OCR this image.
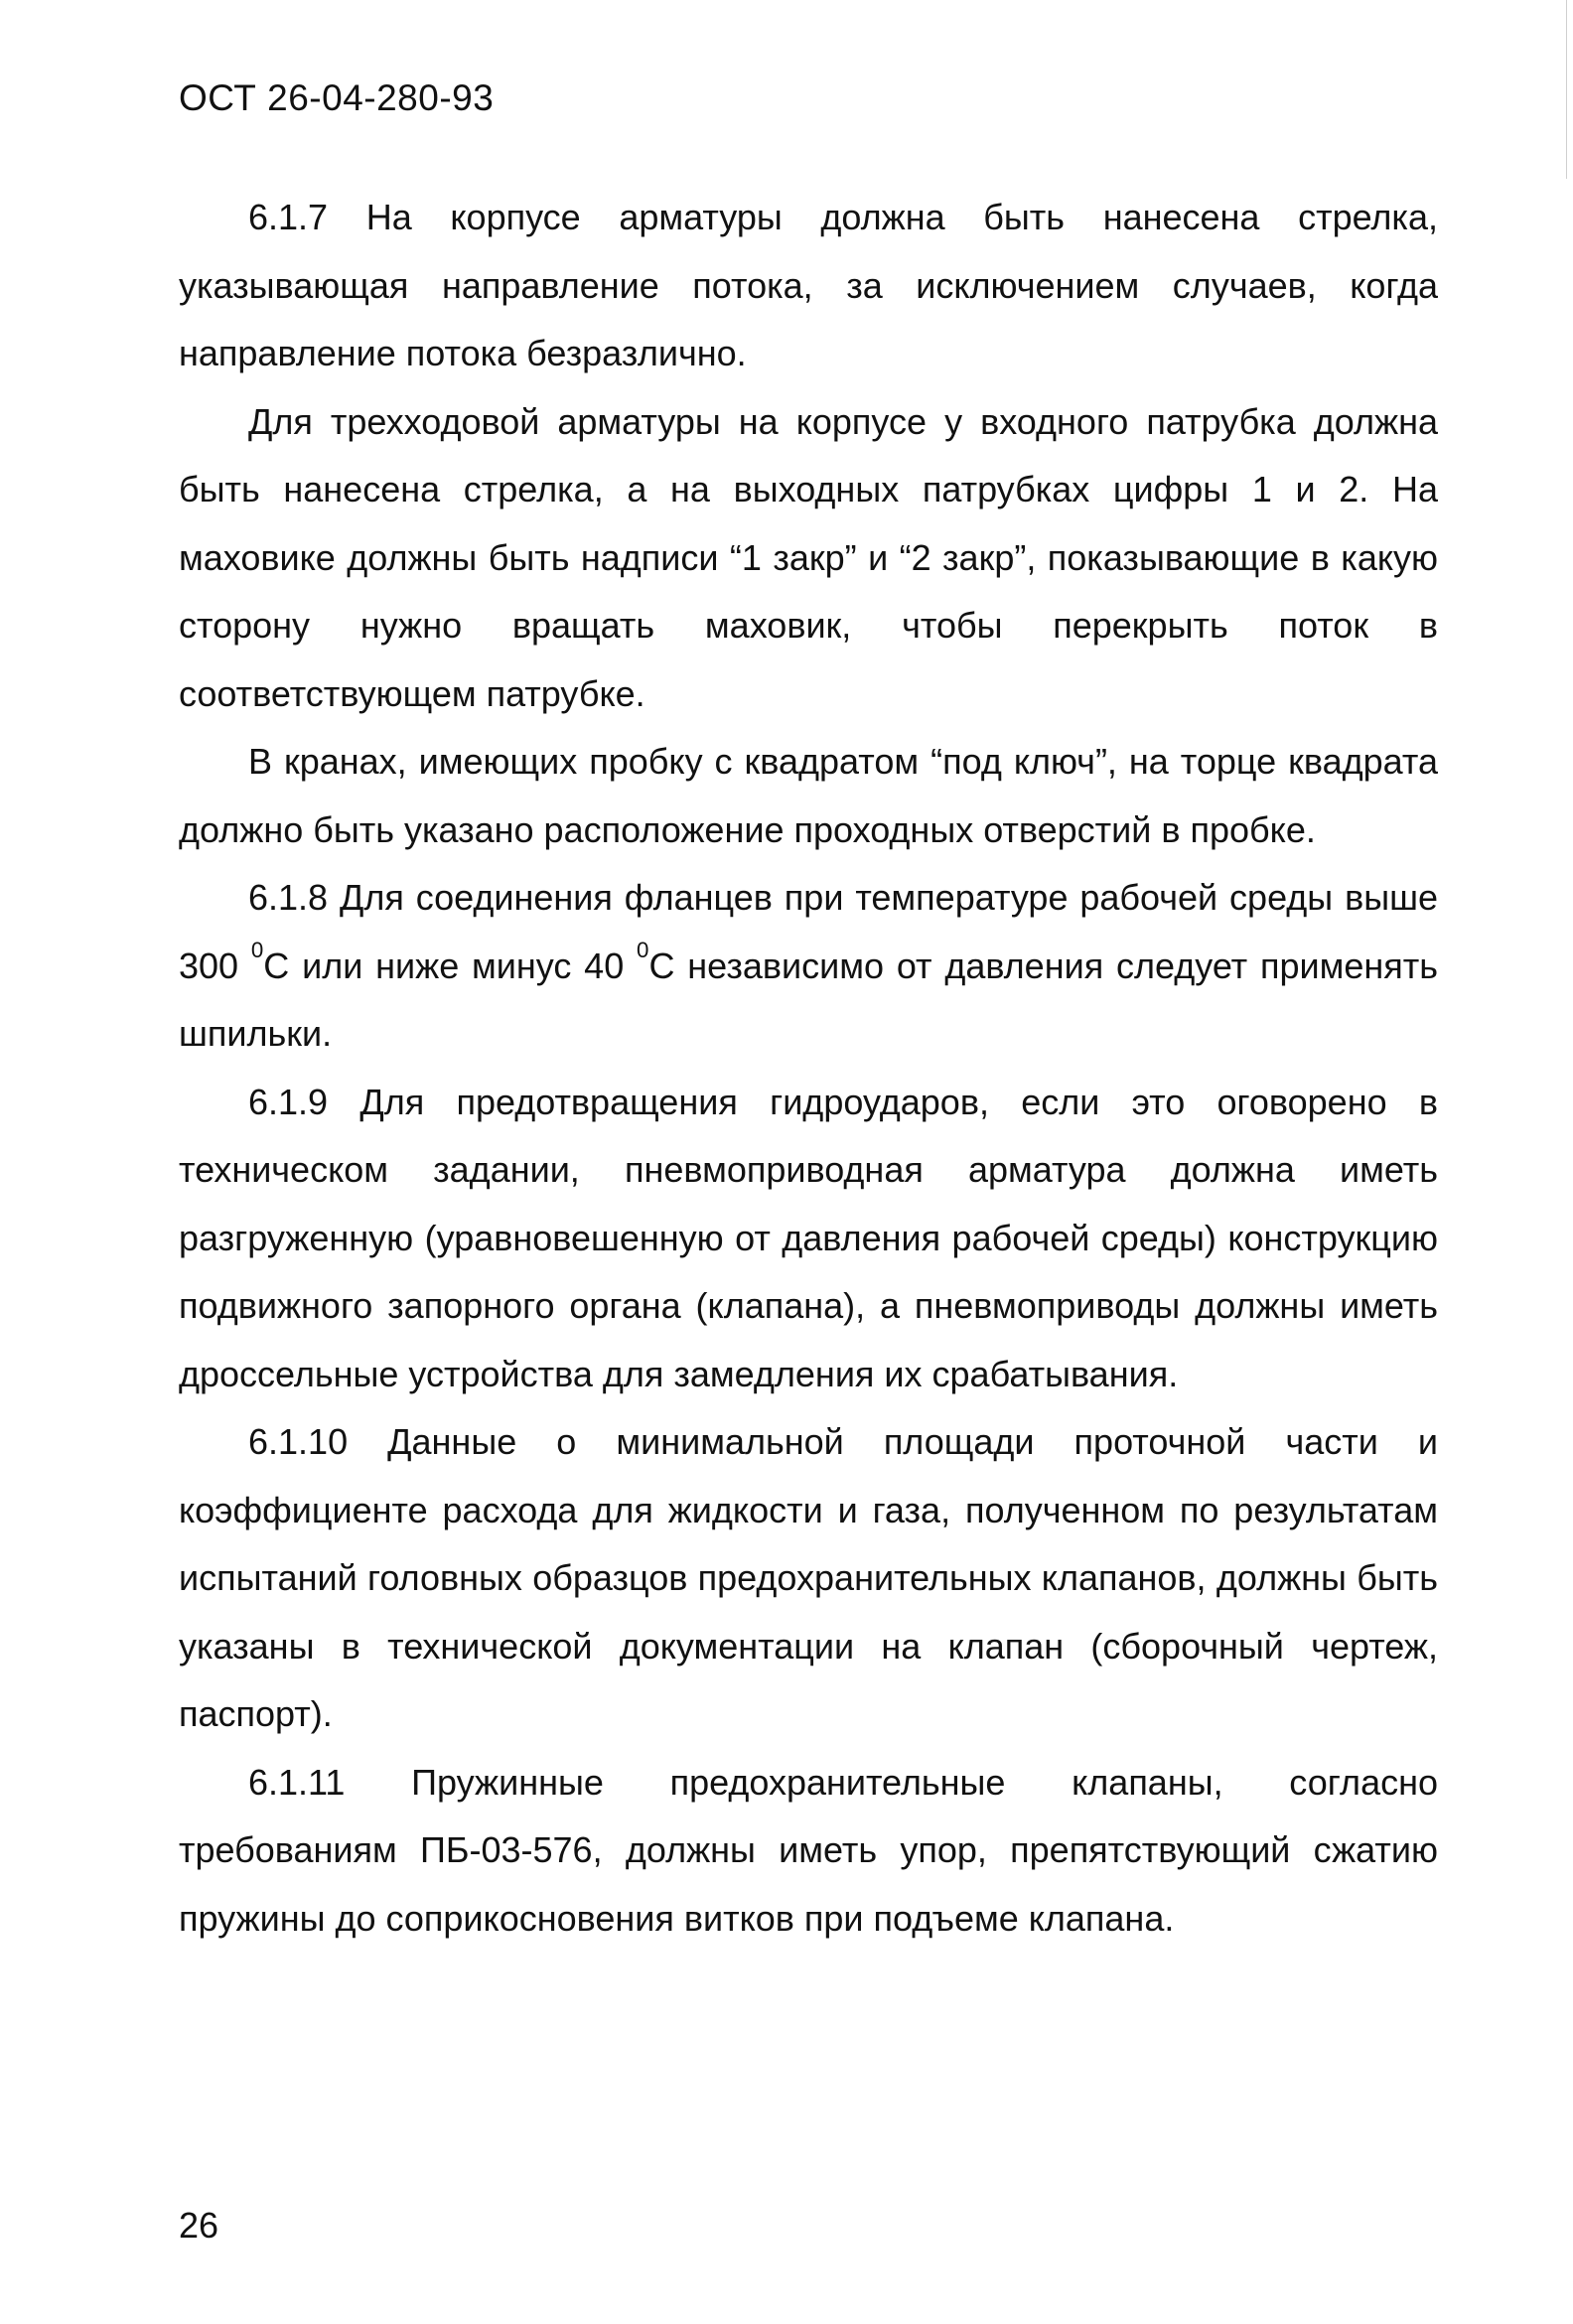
ОСТ 26-04-280-93

6.1.7 На корпусе арматуры должна быть нанесена стрелка, указывающая направление потока, за исключением случаев, когда направление потока безразлично.

Для трехходовой арматуры на корпусе у входного патрубка должна быть нанесена стрелка, а на выходных патрубках цифры 1 и 2. На маховике должны быть надписи “1 закр” и “2 закр”, показывающие в какую сторону нужно вращать маховик, чтобы перекрыть поток в соответствующем патрубке.

В кранах, имеющих пробку с квадратом “под ключ”, на торце квадрата должно быть указано расположение проходных отверстий в пробке.

6.1.8 Для соединения фланцев при температуре рабочей среды выше 300 $^0$С или ниже минус 40 $^0$С независимо от давления следует применять шпильки.

6.1.9 Для предотвращения гидроударов, если это оговорено в техническом задании, пневмоприводная арматура должна иметь разгруженную (уравновешенную от давления рабочей среды) конструкцию подвижного запорного органа (клапана), а пневмоприводы должны иметь дроссельные устройства для замедления их срабатывания.

6.1.10 Данные о минимальной площади проточной части и коэффициенте расхода для жидкости и газа, полученном по результатам испытаний головных образцов предохранительных клапанов, должны быть указаны в технической документации на клапан (сборочный чертеж, паспорт).

6.1.11 Пружинные предохранительные клапаны, согласно требованиям ПБ-03-576, должны иметь упор, препятствующий сжатию пружины до соприкосновения витков при подъеме клапана.

26
